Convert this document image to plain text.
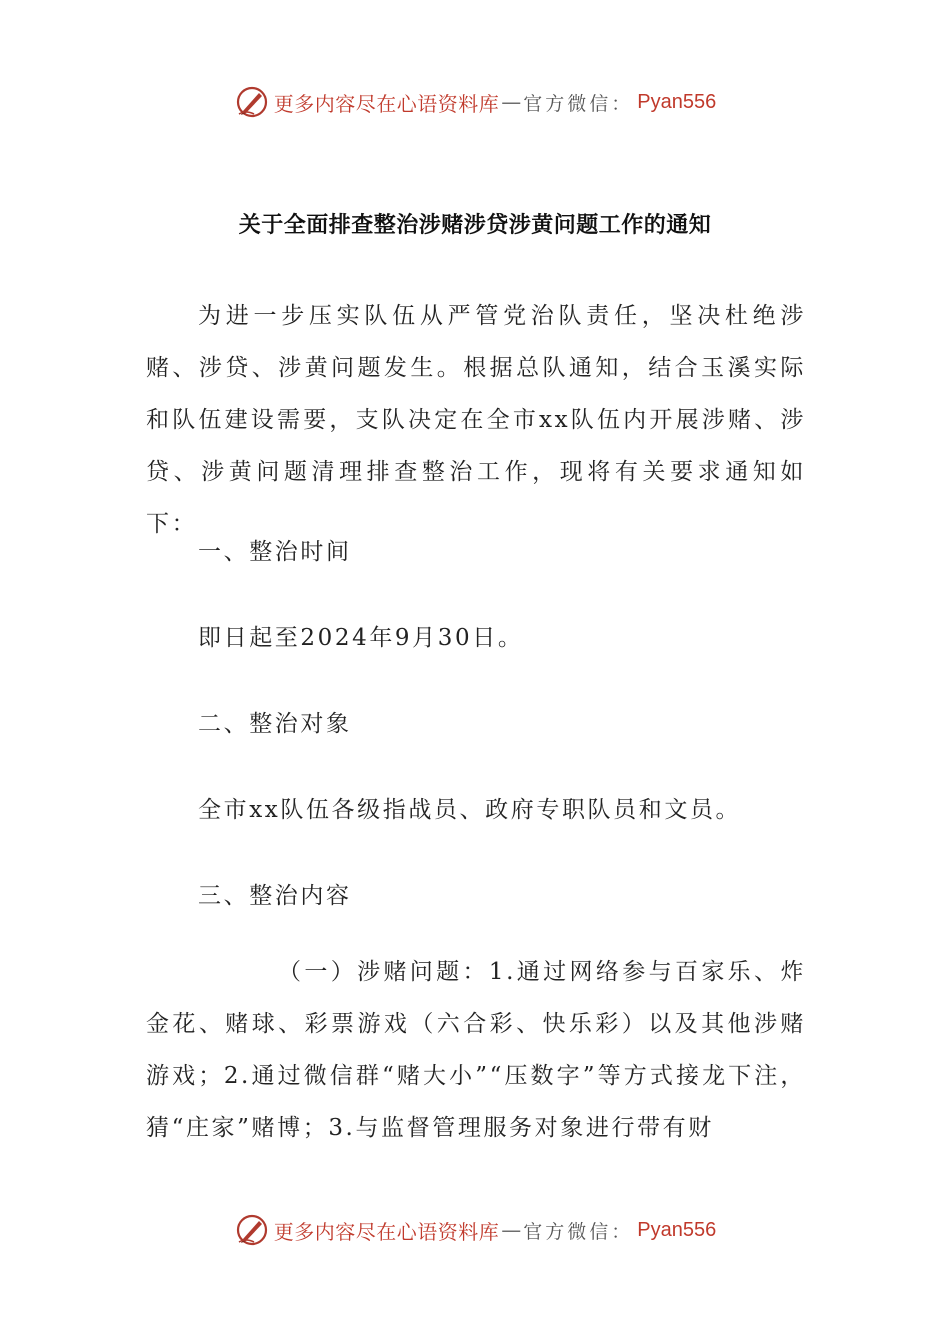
更多内容尽在心语资料库 — 官方微信： Pyan556
关于全面排查整治涉赌涉贷涉黄问题工作的通知

为进一步压实队伍从严管党治队责任，坚决杜绝涉赌、涉贷、涉黄问题发生。根据总队通知，结合玉溪实际和队伍建设需要，支队决定在全市xx队伍内开展涉赌、涉贷、涉黄问题清理排查整治工作，现将有关要求通知如下：

一、整治时间

即日起至2024年9月30日。

二、整治对象

全市xx队伍各级指战员、政府专职队员和文员。

三、整治内容

（一）涉赌问题：1.通过网络参与百家乐、炸金花、赌球、彩票游戏（六合彩、快乐彩）以及其他涉赌游戏；2.通过微信群“赌大小”“压数字”等方式接龙下注，猜“庄家”赌博；3.与监督管理服务对象进行带有财

更多内容尽在心语资料库 — 官方微信： Pyan556
